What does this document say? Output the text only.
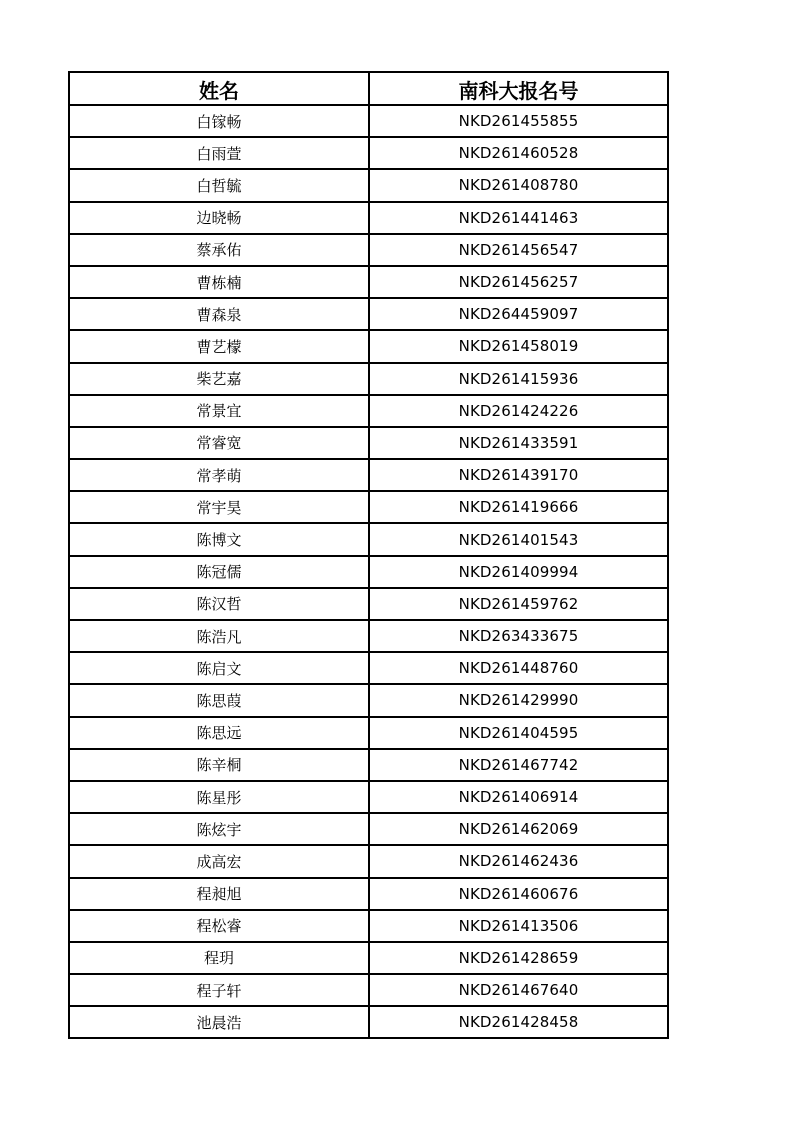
姓名	南科大报名号
白镓畅	NKD261455855
白雨萱	NKD261460528
白哲毓	NKD261408780
边晓畅	NKD261441463
蔡承佑	NKD261456547
曹栋楠	NKD261456257
曹森泉	NKD264459097
曹艺檬	NKD261458019
柴艺嘉	NKD261415936
常景宜	NKD261424226
常睿宽	NKD261433591
常孝萌	NKD261439170
常宇昊	NKD261419666
陈博文	NKD261401543
陈冠儒	NKD261409994
陈汉哲	NKD261459762
陈浩凡	NKD263433675
陈启文	NKD261448760
陈思葭	NKD261429990
陈思远	NKD261404595
陈辛桐	NKD261467742
陈星彤	NKD261406914
陈炫宇	NKD261462069
成高宏	NKD261462436
程昶旭	NKD261460676
程松睿	NKD261413506
程玥	NKD261428659
程子轩	NKD261467640
池晨浩	NKD261428458
